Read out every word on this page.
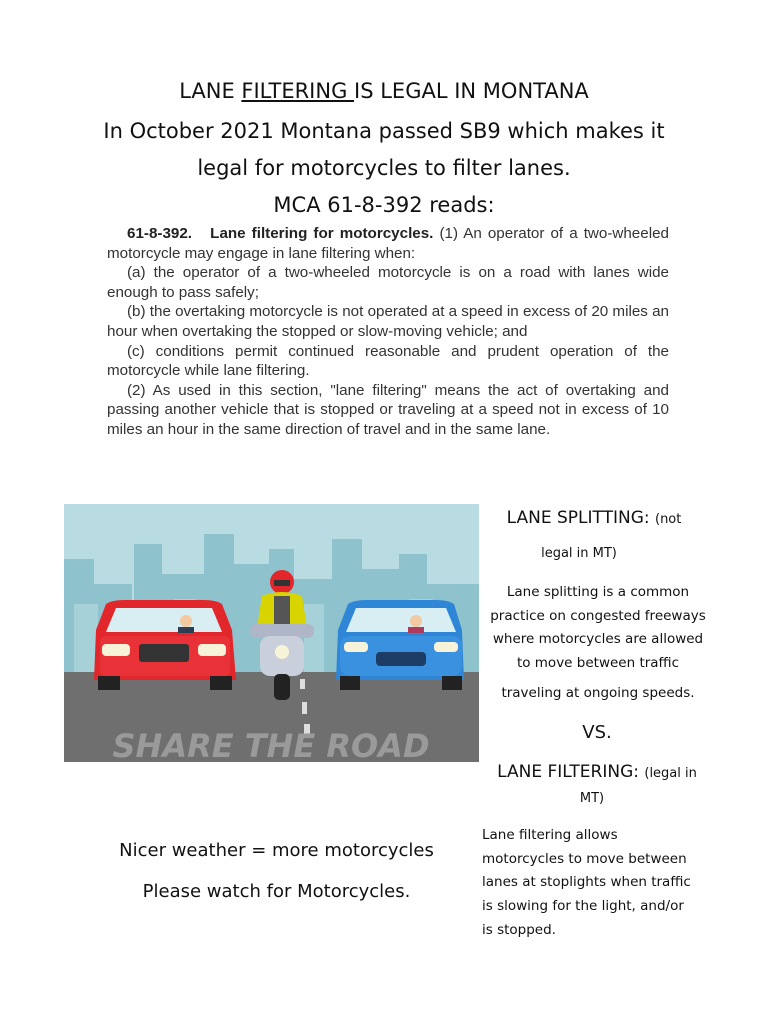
LANE FILTERING IS LEGAL IN MONTANA
In October 2021 Montana passed SB9 which makes it
legal for motorcycles to filter lanes.
MCA 61-8-392 reads:

61-8-392. Lane filtering for motorcycles. (1) An operator of a two-wheeled motorcycle may engage in lane filtering when:

(a) the operator of a two-wheeled motorcycle is on a road with lanes wide enough to pass safely;

(b) the overtaking motorcycle is not operated at a speed in excess of 20 miles an hour when overtaking the stopped or slow-moving vehicle; and

(c) conditions permit continued reasonable and prudent operation of the motorcycle while lane filtering.

(2) As used in this section, "lane filtering" means the act of overtaking and passing another vehicle that is stopped or traveling at a speed not in excess of 10 miles an hour in the same direction of travel and in the same lane.

SHARE THE ROAD
LANE SPLITTING: (not
legal in MT)
Lane splitting is a common
practice on congested freeways
where motorcycles are allowed
to move between traffic
traveling at ongoing speeds.
VS.
LANE FILTERING: (legal in
MT)
Lane filtering allows
motorcycles to move between
lanes at stoplights when traffic
is slowing for the light, and/or
is stopped.
Nicer weather = more motorcycles
Please watch for Motorcycles.
